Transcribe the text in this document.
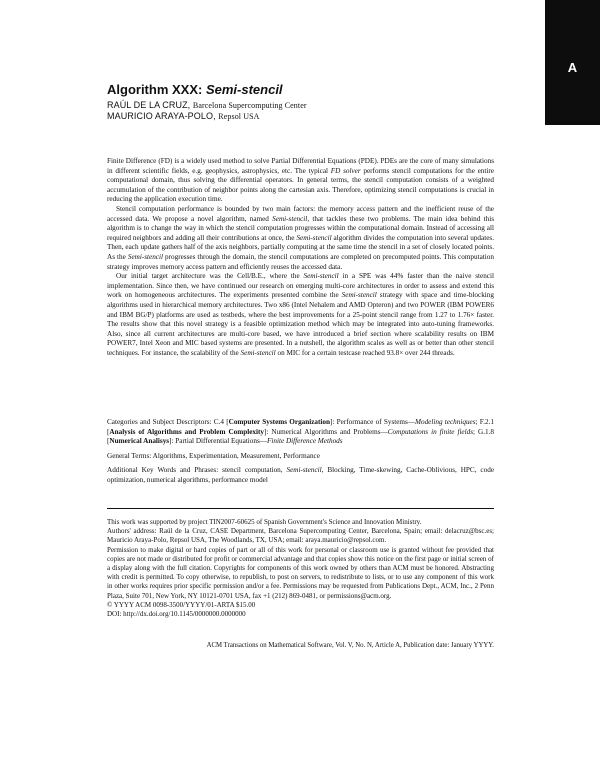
A
Algorithm XXX: Semi-stencil
RAÚL DE LA CRUZ, Barcelona Supercomputing Center
MAURICIO ARAYA-POLO, Repsol USA

Finite Difference (FD) is a widely used method to solve Partial Differential Equations (PDE). PDEs are the core of many simulations in different scientific fields, e.g. geophysics, astrophysics, etc. The typical FD solver performs stencil computations for the entire computational domain, thus solving the differential operators. In general terms, the stencil computation consists of a weighted accumulation of the contribution of neighbor points along the cartesian axis. Therefore, optimizing stencil computations is crucial in reducing the application execution time.

Stencil computation performance is bounded by two main factors: the memory access pattern and the inefficient reuse of the accessed data. We propose a novel algorithm, named Semi-stencil, that tackles these two problems. The main idea behind this algorithm is to change the way in which the stencil computation progresses within the computational domain. Instead of accessing all required neighbors and adding all their contributions at once, the Semi-stencil algorithm divides the computation into several updates. Then, each update gathers half of the axis neighbors, partially computing at the same time the stencil in a set of closely located points. As the Semi-stencil progresses through the domain, the stencil computations are completed on precomputed points. This computation strategy improves memory access pattern and efficiently reuses the accessed data.

Our initial target architecture was the Cell/B.E., where the Semi-stencil in a SPE was 44% faster than the naive stencil implementation. Since then, we have continued our research on emerging multi-core architectures in order to assess and extend this work on homogeneous architectures. The experiments presented combine the Semi-stencil strategy with space and time-blocking algorithms used in hierarchical memory architectures. Two x86 (Intel Nehalem and AMD Opteron) and two POWER (IBM POWER6 and IBM BG/P) platforms are used as testbeds, where the best improvements for a 25-point stencil range from 1.27 to 1.76× faster. The results show that this novel strategy is a feasible optimization method which may be integrated into auto-tuning frameworks. Also, since all current architectures are multi-core based, we have introduced a brief section where scalability results on IBM POWER7, Intel Xeon and MIC based systems are presented. In a nutshell, the algorithm scales as well as or better than other stencil techniques. For instance, the scalability of the Semi-stencil on MIC for a certain testcase reached 93.8× over 244 threads.

Categories and Subject Descriptors: C.4 [Computer Systems Organization]: Performance of Systems—Modeling techniques; F.2.1 [Analysis of Algorithms and Problem Complexity]: Numerical Algorithms and Problems—Computations in finite fields; G.1.8 [Numerical Analisys]: Partial Differential Equations—Finite Difference Methods

General Terms: Algorithms, Experimentation, Measurement, Performance

Additional Key Words and Phrases: stencil computation, Semi-stencil, Blocking, Time-skewing, Cache-Oblivious, HPC, code optimization, numerical algorithms, performance model

This work was supported by project TIN2007-60625 of Spanish Government's Science and Innovation Ministry.

Authors' address: Raúl de la Cruz, CASE Department, Barcelona Supercomputing Center, Barcelona, Spain; email: delacruz@bsc.es; Mauricio Araya-Polo, Repsol USA, The Woodlands, TX, USA; email: araya.mauricio@repsol.com.

Permission to make digital or hard copies of part or all of this work for personal or classroom use is granted without fee provided that copies are not made or distributed for profit or commercial advantage and that copies show this notice on the first page or initial screen of a display along with the full citation. Copyrights for components of this work owned by others than ACM must be honored. Abstracting with credit is permitted. To copy otherwise, to republish, to post on servers, to redistribute to lists, or to use any component of this work in other works requires prior specific permission and/or a fee. Permissions may be requested from Publications Dept., ACM, Inc., 2 Penn Plaza, Suite 701, New York, NY 10121-0701 USA, fax +1 (212) 869-0481, or permissions@acm.org.

© YYYY ACM 0098-3500/YYYY/01-ARTA $15.00

DOI: http://dx.doi.org/10.1145/0000000.0000000

ACM Transactions on Mathematical Software, Vol. V, No. N, Article A, Publication date: January YYYY.
